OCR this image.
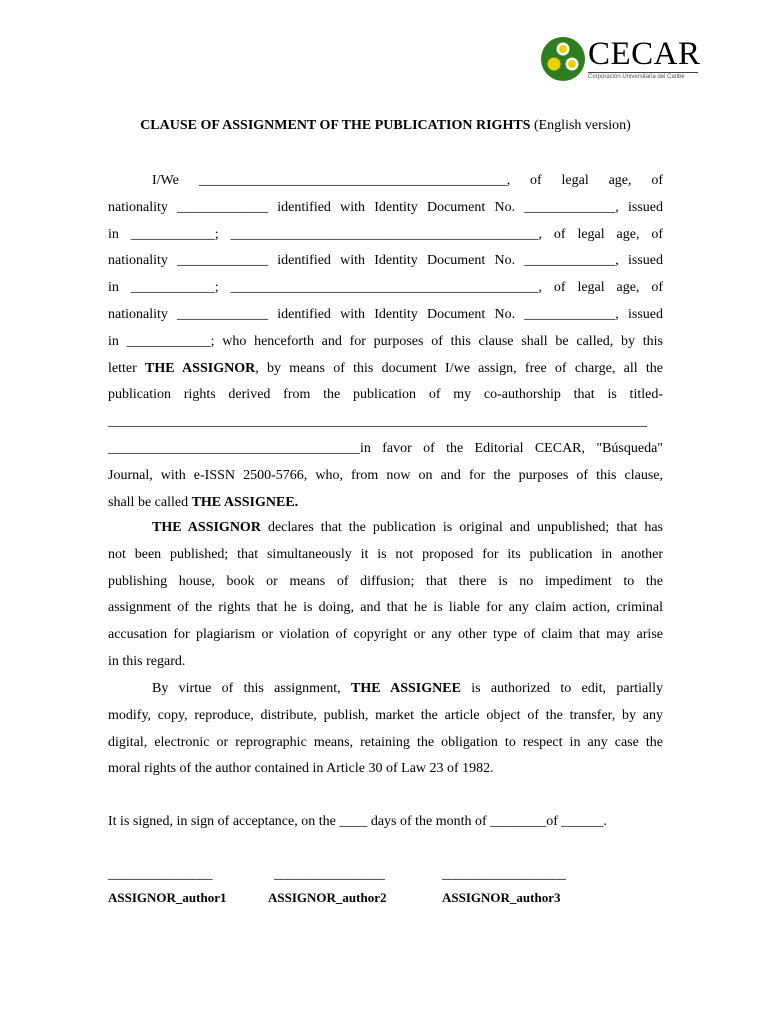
CECAR
Corporación Universitaria del Caribe
CLAUSE OF ASSIGNMENT OF THE PUBLICATION RIGHTS (English version)
I/We ____________________________________________, of legal age, of
nationality _____________ identified with Identity Document No. _____________, issued
in ____________; ____________________________________________, of legal age, of
nationality _____________ identified with Identity Document No. _____________, issued
in ____________; ____________________________________________, of legal age, of
nationality _____________ identified with Identity Document No. _____________, issued
in ____________; who henceforth and for purposes of this clause shall be called, by this
letter THE ASSIGNOR, by means of this document I/we assign, free of charge, all the
publication rights derived from the publication of my co-authorship that is titled-
_____________________________________________________________________________
____________________________________in favor of the Editorial CECAR, "Búsqueda"
Journal, with e-ISSN 2500-5766, who, from now on and for the purposes of this clause,
shall be called THE ASSIGNEE.
THE ASSIGNOR declares that the publication is original and unpublished; that has
not been published; that simultaneously it is not proposed for its publication in another
publishing house, book or means of diffusion; that there is no impediment to the
assignment of the rights that he is doing, and that he is liable for any claim action, criminal
accusation for plagiarism or violation of copyright or any other type of claim that may arise
in this regard.
By virtue of this assignment, THE ASSIGNEE is authorized to edit, partially
modify, copy, reproduce, distribute, publish, market the article object of the transfer, by any
digital, electronic or reprographic means, retaining the obligation to respect in any case the
moral rights of the author contained in Article 30 of Law 23 of 1982.
It is signed, in sign of acceptance, on the ____ days of the month of ________of ______.
________________	_________________	___________________
ASSIGNOR_author1	ASSIGNOR_author2	ASSIGNOR_author3
